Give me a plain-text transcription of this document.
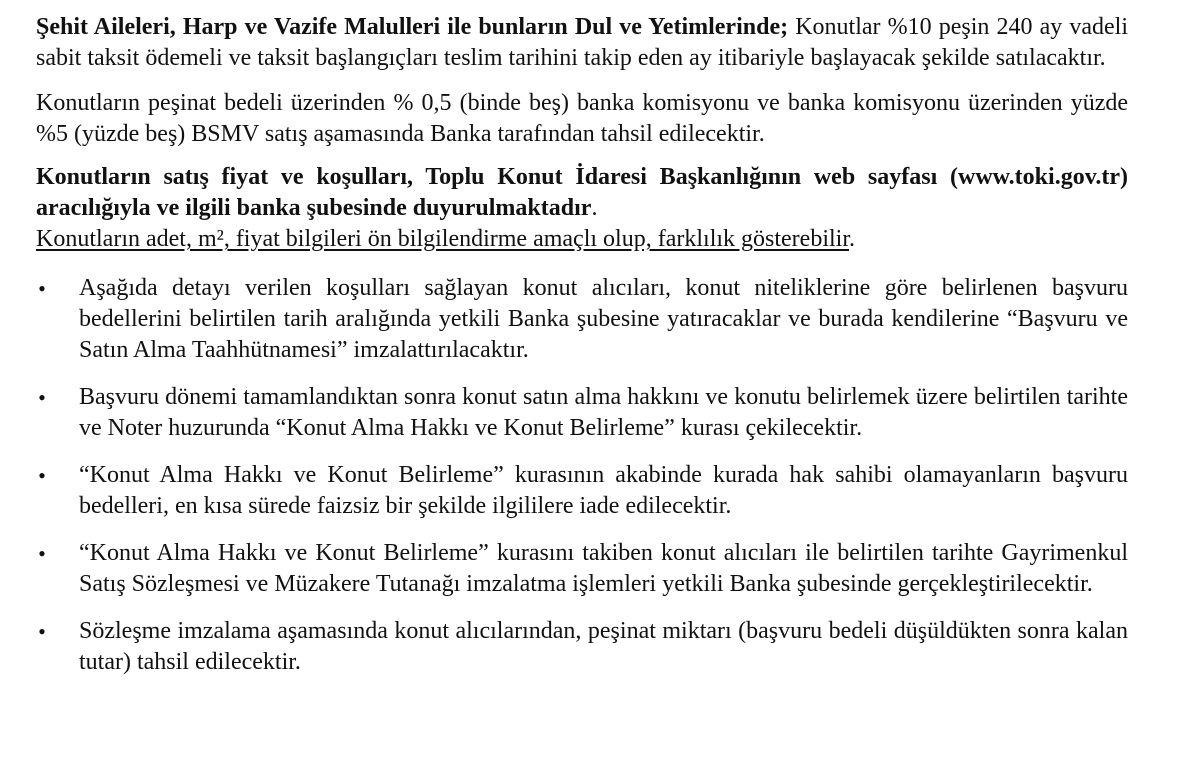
Şehit Aileleri, Harp ve Vazife Malulleri ile bunların Dul ve Yetimlerinde; Konutlar %10 peşin 240 ay vadeli sabit taksit ödemeli ve taksit başlangıçları teslim tarihini takip eden ay itibariyle başlayacak şekilde satılacaktır.

Konutların peşinat bedeli üzerinden % 0,5 (binde beş) banka komisyonu ve banka komisyonu üzerinden yüzde %5 (yüzde beş) BSMV satış aşamasında Banka tarafından tahsil edilecektir.

Konutların satış fiyat ve koşulları, Toplu Konut İdaresi Başkanlığının web sayfası (www.toki.gov.tr) aracılığıyla ve ilgili banka şubesinde duyurulmaktadır.

Konutların adet, m², fiyat bilgileri ön bilgilendirme amaçlı olup, farklılık gösterebilir.

• Aşağıda detayı verilen koşulları sağlayan konut alıcıları, konut niteliklerine göre belirlenen başvuru bedellerini belirtilen tarih aralığında yetkili Banka şubesine yatıracaklar ve burada kendilerine “Başvuru ve Satın Alma Taahhütnamesi” imzalattırılacaktır.
• Başvuru dönemi tamamlandıktan sonra konut satın alma hakkını ve konutu belirlemek üzere belirtilen tarihte ve Noter huzurunda “Konut Alma Hakkı ve Konut Belirleme” kurası çekilecektir.
• “Konut Alma Hakkı ve Konut Belirleme” kurasının akabinde kurada hak sahibi olamayanların başvuru bedelleri, en kısa sürede faizsiz bir şekilde ilgililere iade edilecektir.
• “Konut Alma Hakkı ve Konut Belirleme” kurasını takiben konut alıcıları ile belirtilen tarihte Gayrimenkul Satış Sözleşmesi ve Müzakere Tutanağı imzalatma işlemleri yetkili Banka şubesinde gerçekleştirilecektir.
• Sözleşme imzalama aşamasında konut alıcılarından, peşinat miktarı (başvuru bedeli düşüldükten sonra kalan tutar) tahsil edilecektir.
